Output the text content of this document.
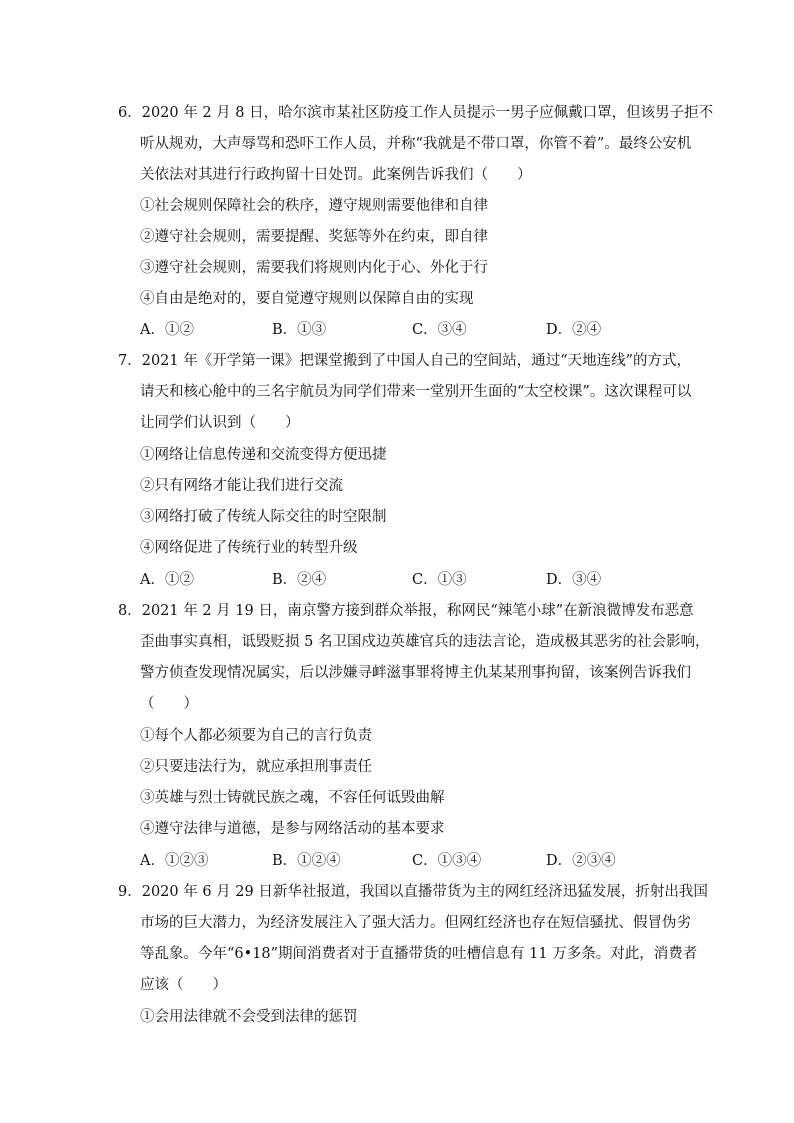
6．2020 年 2 月 8 日，哈尔滨市某社区防疫工作人员提示一男子应佩戴口罩，但该男子拒不
听从规劝，大声辱骂和恐吓工作人员，并称“我就是不带口罩，你管不着”。最终公安机
关依法对其进行行政拘留十日处罚。此案例告诉我们（　　）
①社会规则保障社会的秩序，遵守规则需要他律和自律
②遵守社会规则，需要提醒、奖惩等外在约束，即自律
③遵守社会规则，需要我们将规则内化于心、外化于行
④自由是绝对的，要自觉遵守规则以保障自由的实现
A．①②	B．①③	C．③④	D．②④
7．2021 年《开学第一课》把课堂搬到了中国人自己的空间站，通过“天地连线”的方式，
请天和核心舱中的三名宇航员为同学们带来一堂别开生面的“太空校课”。这次课程可以
让同学们认识到（　　）
①网络让信息传递和交流变得方便迅捷
②只有网络才能让我们进行交流
③网络打破了传统人际交往的时空限制
④网络促进了传统行业的转型升级
A．①②	B．②④	C．①③	D．③④
8．2021 年 2 月 19 日，南京警方接到群众举报，称网民“辣笔小球”在新浪微博发布恶意
歪曲事实真相，诋毁贬损 5 名卫国戍边英雄官兵的违法言论，造成极其恶劣的社会影响，
警方侦查发现情况属实，后以涉嫌寻衅滋事罪将博主仇某某刑事拘留，该案例告诉我们
（　　）
①每个人都必须要为自己的言行负责
②只要违法行为，就应承担刑事责任
③英雄与烈士铸就民族之魂，不容任何诋毁曲解
④遵守法律与道德，是参与网络活动的基本要求
A．①②③	B．①②④	C．①③④	D．②③④
9．2020 年 6 月 29 日新华社报道，我国以直播带货为主的网红经济迅猛发展，折射出我国
市场的巨大潜力，为经济发展注入了强大活力。但网红经济也存在短信骚扰、假冒伪劣
等乱象。今年“6•18”期间消费者对于直播带货的吐槽信息有 11 万多条。对此，消费者
应该（　　）
①会用法律就不会受到法律的惩罚
